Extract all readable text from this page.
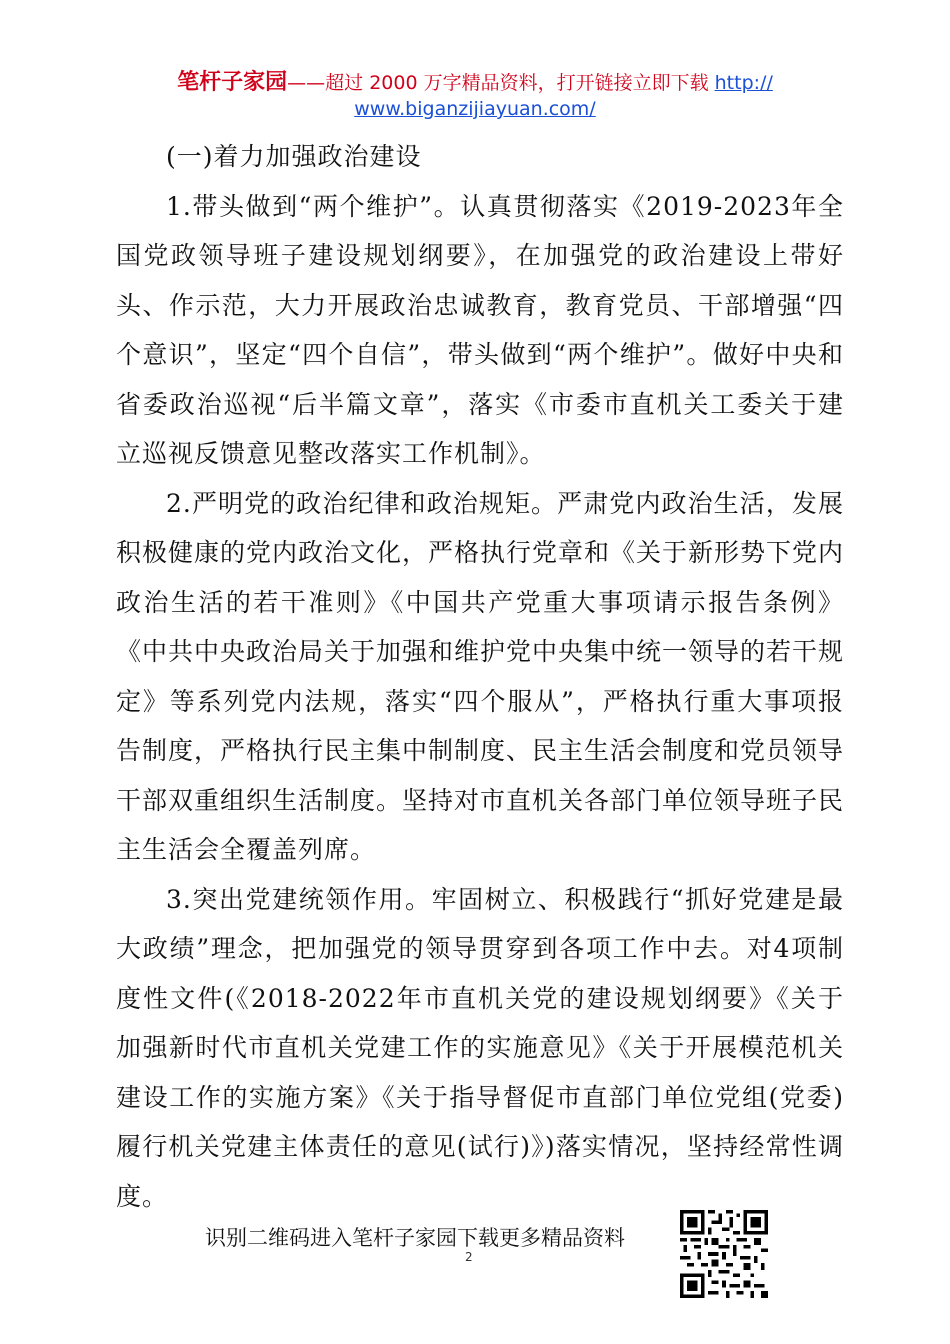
笔杆子家园——超过 2000 万字精品资料，打开链接立即下载 http://
www.biganzijiayuan.com/

(一)着力加强政治建设

1.带头做到“两个维护”。认真贯彻落实《2019-2023年全国党政领导班子建设规划纲要》，在加强党的政治建设上带好头、作示范，大力开展政治忠诚教育，教育党员、干部增强“四个意识”，坚定“四个自信”，带头做到“两个维护”。做好中央和省委政治巡视“后半篇文章”，落实《市委市直机关工委关于建立巡视反馈意见整改落实工作机制》。

2.严明党的政治纪律和政治规矩。严肃党内政治生活，发展积极健康的党内政治文化，严格执行党章和《关于新形势下党内政治生活的若干准则》《中国共产党重大事项请示报告条例》《中共中央政治局关于加强和维护党中央集中统一领导的若干规定》等系列党内法规，落实“四个服从”，严格执行重大事项报告制度，严格执行民主集中制制度、民主生活会制度和党员领导干部双重组织生活制度。坚持对市直机关各部门单位领导班子民主生活会全覆盖列席。

3.突出党建统领作用。牢固树立、积极践行“抓好党建是最大政绩”理念，把加强党的领导贯穿到各项工作中去。对4项制度性文件(《2018-2022年市直机关党的建设规划纲要》《关于加强新时代市直机关党建工作的实施意见》《关于开展模范机关建设工作的实施方案》《关于指导督促市直部门单位党组(党委)履行机关党建主体责任的意见(试行)》)落实情况，坚持经常性调度。

识别二维码进入笔杆子家园下载更多精品资料
2
